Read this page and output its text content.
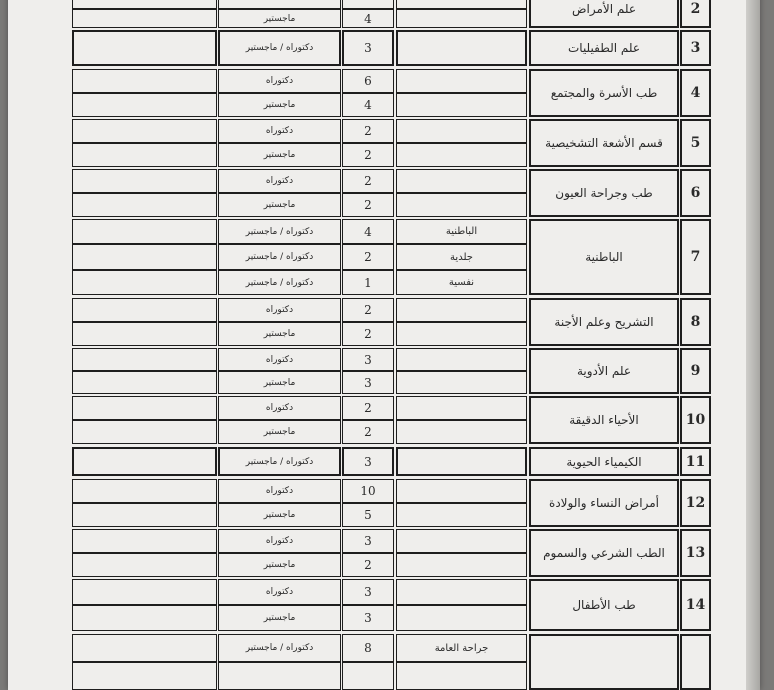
2
علم الأمراض
4
ماجستير
3
علم الطفيليات
3
دكتوراه / ماجستير
4
طب الأسرة والمجتمع
6
دكتوراه
4
ماجستير
5
قسم الأشعة التشخيصية
2
دكتوراه
2
ماجستير
6
طب وجراحة العيون
2
دكتوراه
2
ماجستير
7
الباطنية
الباطنية
4
دكتوراه / ماجستير
جلدية
2
دكتوراه / ماجستير
نفسية
1
دكتوراه / ماجستير
8
التشريح وعلم الأجنة
2
دكتوراه
2
ماجستير
9
علم الأدوية
3
دكتوراه
3
ماجستير
10
الأحياء الدقيقة
2
دكتوراه
2
ماجستير
11
الكيمياء الحيوية
3
دكتوراه / ماجستير
12
أمراض النساء والولادة
10
دكتوراه
5
ماجستير
13
الطب الشرعي والسموم
3
دكتوراه
2
ماجستير
14
طب الأطفال
3
دكتوراه
3
ماجستير
جراحة العامة
8
دكتوراه / ماجستير
